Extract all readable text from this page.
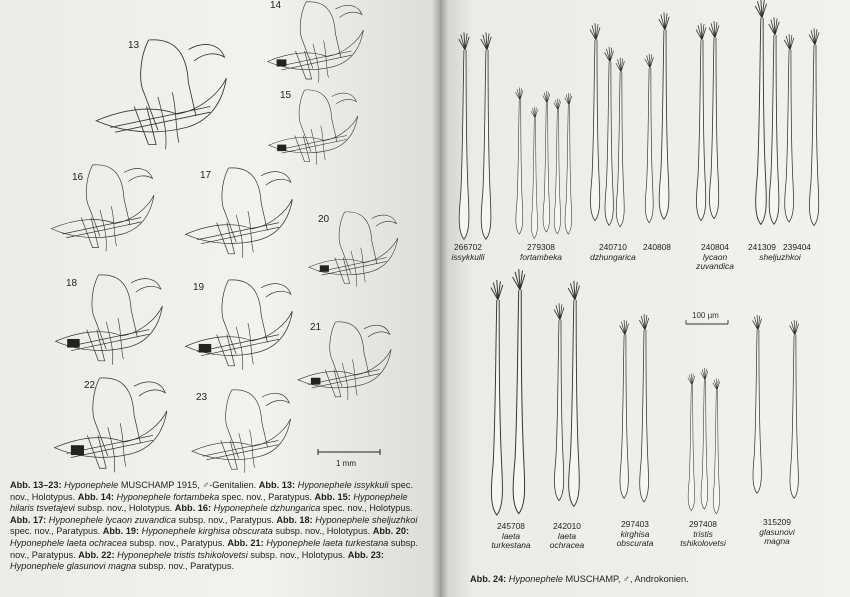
13
14
15
16	17
18	19
20
21
22
23
1 mm
Abb. 13–23: Hyponephele MUSCHAMP 1915, ♂-Genitalien. Abb. 13: Hyponephele issykkuli spec. nov., Holotypus. Abb. 14: Hyponephele fortambeka spec. nov., Paratypus. Abb. 15: Hyponephele hilaris tsvetajevi subsp. nov., Holotypus. Abb. 16: Hyponephele dzhungarica spec. nov., Holotypus. Abb. 17: Hyponephele lycaon zuvandica subsp. nov., Paratypus. Abb. 18: Hyponephele sheljuzhkoi spec. nov., Paratypus. Abb. 19: Hyponephele kirghisa obscurata subsp. nov., Holotypus. Abb. 20: Hyponephele laeta ochracea subsp. nov., Paratypus. Abb. 21: Hyponephele laeta turkestana subsp. nov., Paratypus. Abb. 22: Hyponephele tristis tshikolovetsi subsp. nov., Holotypus. Abb. 23: Hyponephele glasunovi magna subsp. nov., Paratypus.
100 µm
266702
issykkulli
279308
fortambeka
240710
dzhungarica
240808	240804
lycaon
zuvandica
241309 239404
sheljuzhkoi
245708
laeta
turkestana
242010
laeta
ochracea
297403
kirghisa
obscurata
297408
tristis
tshikolovetsi
315209
glasunovi
magna
Abb. 24: Hyponephele MUSCHAMP, ♂, Androkonien.
